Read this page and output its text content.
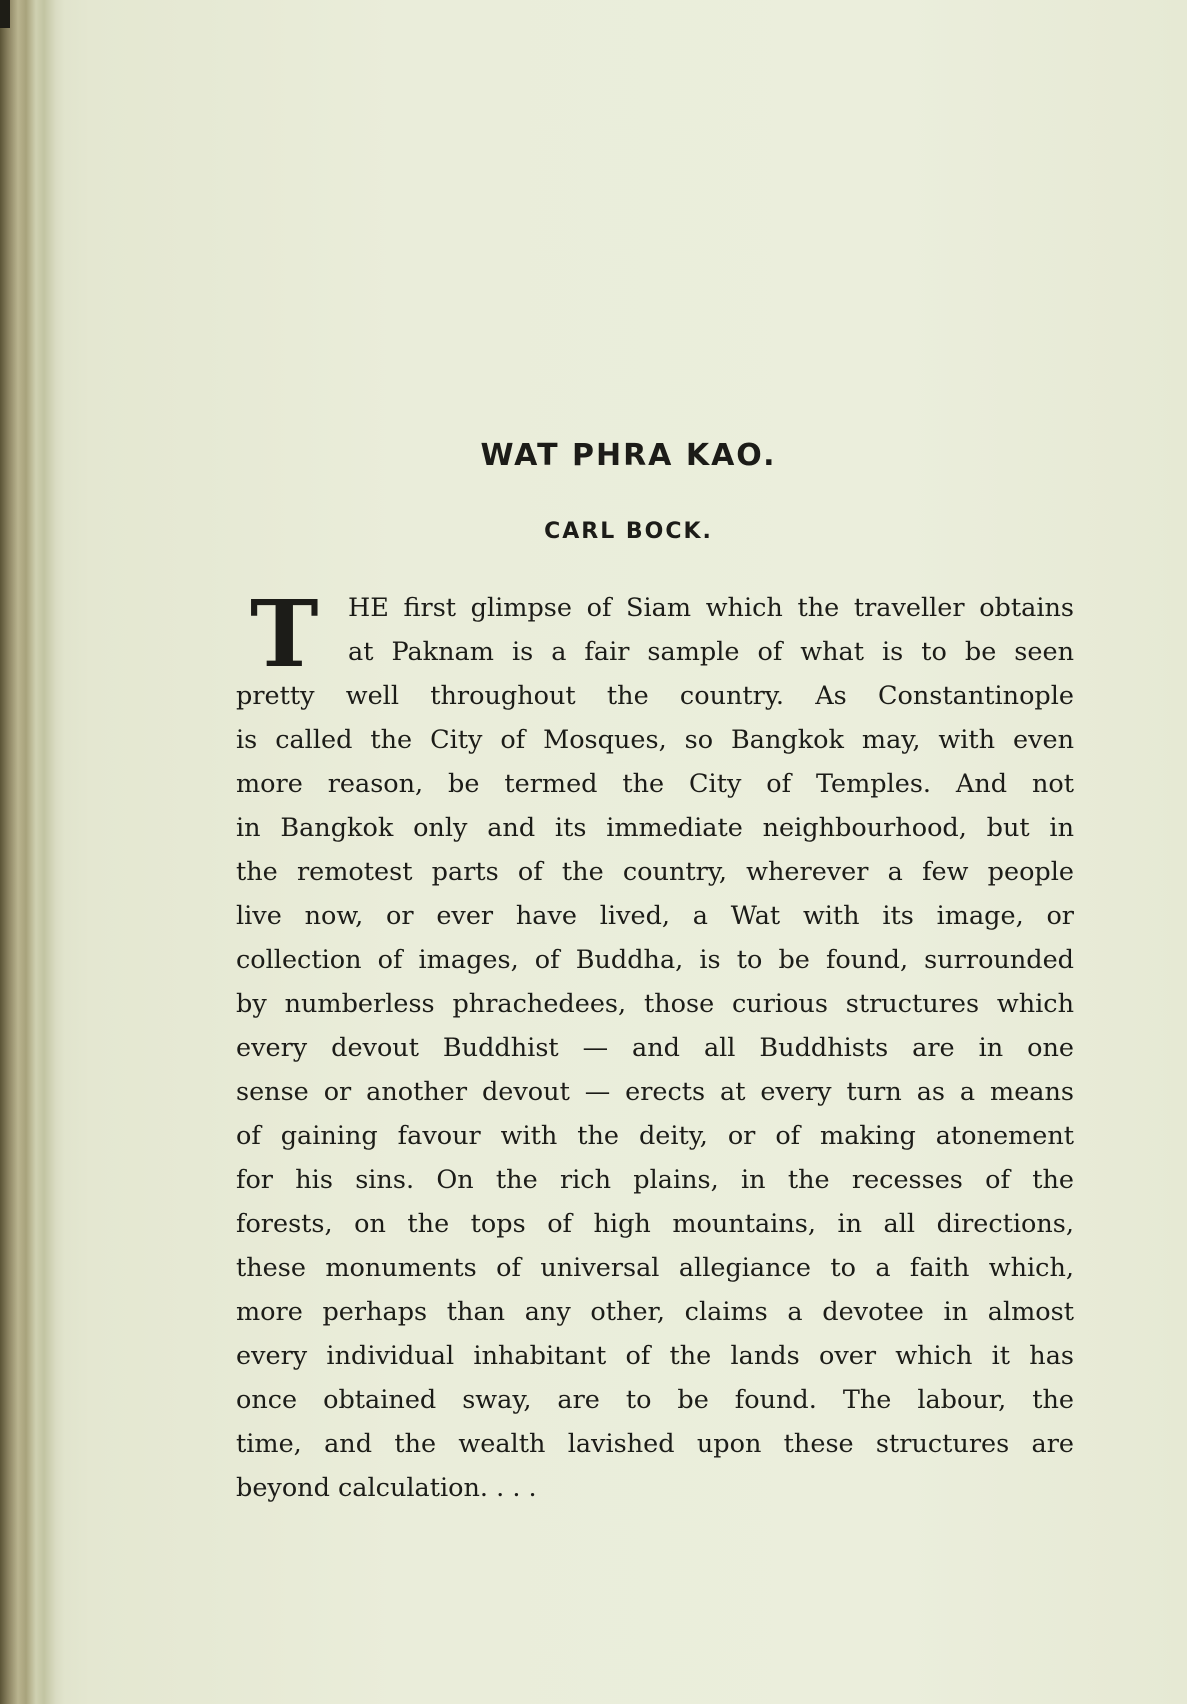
WAT PHRA KAO.
CARL BOCK.
T	HE first glimpse of Siam which the traveller obtains
at Paknam is a fair sample of what is to be seen
pretty well throughout the country. As Constantinople
is called the City of Mosques, so Bangkok may, with even
more reason, be termed the City of Temples. And not
in Bangkok only and its immediate neighbourhood, but in
the remotest parts of the country, wherever a few people
live now, or ever have lived, a Wat with its image, or
collection of images, of Buddha, is to be found, surrounded
by numberless phrachedees, those curious structures which
every devout Buddhist — and all Buddhists are in one
sense or another devout — erects at every turn as a means
of gaining favour with the deity, or of making atonement
for his sins. On the rich plains, in the recesses of the
forests, on the tops of high mountains, in all directions,
these monuments of universal allegiance to a faith which,
more perhaps than any other, claims a devotee in almost
every individual inhabitant of the lands over which it has
once obtained sway, are to be found. The labour, the
time, and the wealth lavished upon these structures are
beyond calculation. . . .
